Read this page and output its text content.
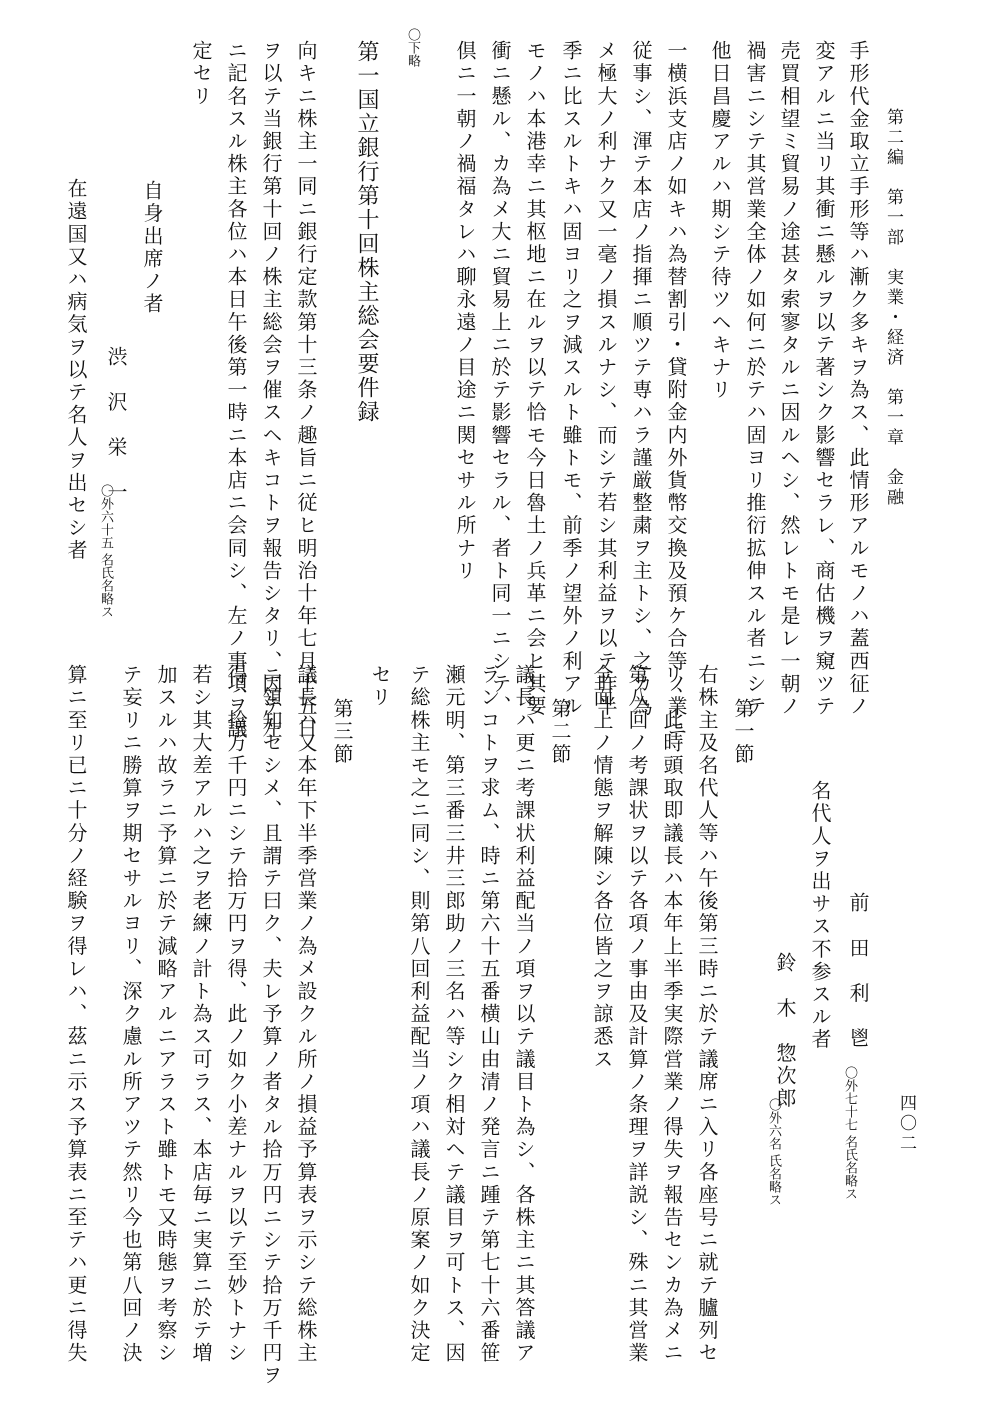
第二編　第一部　実業・経済　第一章　金融
四〇二
手形代金取立手形等ハ漸ク多キヲ為ス、此情形アルモノハ蓋西征ノ
変アルニ当リ其衝ニ懸ルヲ以テ著シク影響セラレ、商估機ヲ窺ツテ
売買相望ミ貿易ノ途甚タ索寥タルニ因ルヘシ、然レトモ是レ一朝ノ
禍害ニシテ其営業全体ノ如何ニ於テハ固ヨリ推衍拡伸スル者ニシテ
他日昌慶アルハ期シテ待ツヘキナリ
一横浜支店ノ如キハ為替割引・貸附金内外貨幣交換及預ケ合等ノ業ニ
従事シ、渾テ本店ノ指揮ニ順ツテ専ハラ謹厳整粛ヲ主トシ、之カ為
メ極大ノ利ナク又一毫ノ損スルナシ、而シテ若シ其利益ヲ以テ昨半
季ニ比スルトキハ固ヨリ之ヲ減スルト雖トモ、前季ノ望外ノ利アル
モノハ本港幸ニ其枢地ニ在ルヲ以テ恰モ今日魯土ノ兵革ニ会ヒ其要
衝ニ懸ル、カ為メ大ニ貿易上ニ於テ影響セラル、者ト同一ニシテ、
倶ニ一朝ノ禍福タレハ聊永遠ノ目途ニ関セサル所ナリ
〇下略
第一国立銀行第十回株主総会要件録
向キニ株主一同ニ銀行定款第十三条ノ趣旨ニ従ヒ明治十年七月十五日
ヲ以テ当銀行第十回ノ株主総会ヲ催スヘキコトヲ報告シタリ、因テ左
ニ記名スル株主各位ハ本日午後第一時ニ本店ニ会同シ、左ノ事項ヲ議
定セリ
自身出席ノ者
渋　沢　栄　一
〇外六十五 名氏名略ス
在遠国又ハ病気ヲ以テ名人ヲ出セシ者
前　田　利　鬯
〇外七十七 名氏名略ス
名代人ヲ出サス不参スル者
鈴　木　惣次郎
〇外六名 氏名略ス
第一節
右株主及名代人等ハ午後第三時ニ於テ議席ニ入リ各座号ニ就テ臚列セ
リ、此時頭取即議長ハ本年上半季実際営業ノ得失ヲ報告センカ為メニ
第八回ノ考課状ヲ以テ各項ノ事由及計算ノ条理ヲ詳説シ、殊ニ其営業
全面上ノ情態ヲ解陳シ各位皆之ヲ諒悉ス
第二節
議長ハ更ニ考課状利益配当ノ項ヲ以テ議目ト為シ、各株主ニ其答議ア
ランコトヲ求ム、時ニ第六十五番横山由清ノ発言ニ踵テ第七十六番笹
瀬元明、第三番三井三郎助ノ三名ハ等シク相対ヘテ議目ヲ可トス、因
テ総株主モ之ニ同シ、則第八回利益配当ノ項ハ議長ノ原案ノ如ク決定
セリ
第三節
議長ハ又本年下半季営業ノ為メ設クル所ノ損益予算表ヲ示シテ総株主
ニ領知セシメ、且謂テ曰ク、夫レ予算ノ者タル拾万円ニシテ拾万千円ヲ
得、拾万千円ニシテ拾万円ヲ得、此ノ如ク小差ナルヲ以テ至妙トナシ
若シ其大差アルハ之ヲ老練ノ計ト為ス可ラス、本店毎ニ実算ニ於テ増
加スルハ故ラニ予算ニ於テ減略アルニアラスト雖トモ又時態ヲ考察シ
テ妄リニ勝算ヲ期セサルヨリ、深ク慮ル所アツテ然リ今也第八回ノ決
算ニ至リ已ニ十分ノ経験ヲ得レハ、茲ニ示ス予算表ニ至テハ更ニ得失
